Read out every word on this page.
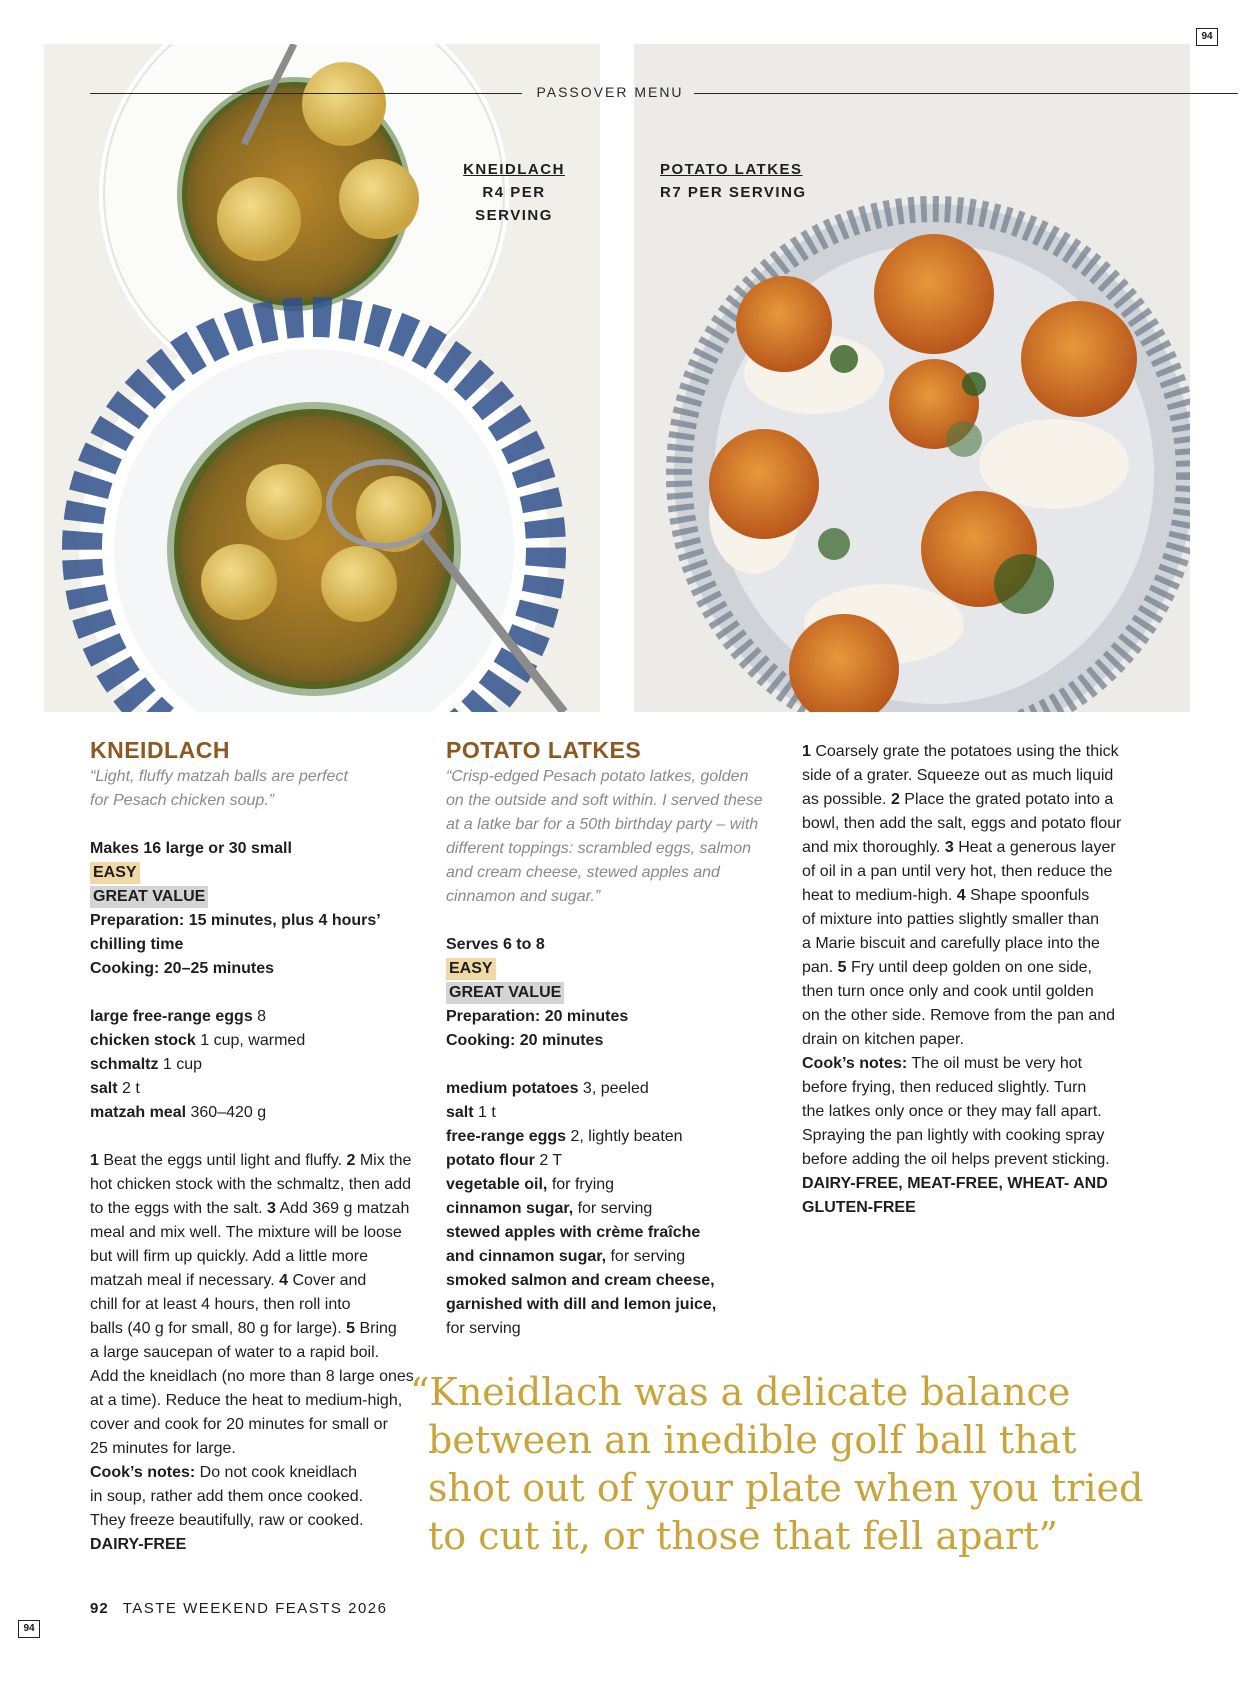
94
94
PASSOVER MENU
KNEIDLACH
R4 PER SERVING
POTATO LATKES
R7 PER SERVING
KNEIDLACH
“Light, fluffy matzah balls are perfect
for Pesach chicken soup.”
Makes 16 large or 30 small
EASY
GREAT VALUE
Preparation: 15 minutes, plus 4 hours’
chilling time
Cooking: 20–25 minutes
large free-range eggs 8
chicken stock 1 cup, warmed
schmaltz 1 cup
salt 2 t
matzah meal 360–420 g
1 Beat the eggs until light and fluffy. 2 Mix the
hot chicken stock with the schmaltz, then add
to the eggs with the salt. 3 Add 369 g matzah
meal and mix well. The mixture will be loose
but will firm up quickly. Add a little more
matzah meal if necessary. 4 Cover and
chill for at least 4 hours, then roll into
balls (40 g for small, 80 g for large). 5 Bring
a large saucepan of water to a rapid boil.
Add the kneidlach (no more than 8 large ones
at a time). Reduce the heat to medium-high,
cover and cook for 20 minutes for small or
25 minutes for large.
Cook’s notes: Do not cook kneidlach
in soup, rather add them once cooked.
They freeze beautifully, raw or cooked.
DAIRY-FREE
POTATO LATKES
“Crisp-edged Pesach potato latkes, golden
on the outside and soft within. I served these
at a latke bar for a 50th birthday party – with
different toppings: scrambled eggs, salmon
and cream cheese, stewed apples and
cinnamon and sugar.”
Serves 6 to 8
EASY
GREAT VALUE
Preparation: 20 minutes
Cooking: 20 minutes
medium potatoes 3, peeled
salt 1 t
free-range eggs 2, lightly beaten
potato flour 2 T
vegetable oil, for frying
cinnamon sugar, for serving
stewed apples with crème fraîche
and cinnamon sugar, for serving
smoked salmon and cream cheese,
garnished with dill and lemon juice,
for serving
1 Coarsely grate the potatoes using the thick
side of a grater. Squeeze out as much liquid
as possible. 2 Place the grated potato into a
bowl, then add the salt, eggs and potato flour
and mix thoroughly. 3 Heat a generous layer
of oil in a pan until very hot, then reduce the
heat to medium-high. 4 Shape spoonfuls
of mixture into patties slightly smaller than
a Marie biscuit and carefully place into the
pan. 5 Fry until deep golden on one side,
then turn once only and cook until golden
on the other side. Remove from the pan and
drain on kitchen paper.
Cook’s notes: The oil must be very hot
before frying, then reduced slightly. Turn
the latkes only once or they may fall apart.
Spraying the pan lightly with cooking spray
before adding the oil helps prevent sticking.
DAIRY-FREE, MEAT-FREE, WHEAT- AND
GLUTEN-FREE
“Kneidlach was a delicate balance
between an inedible golf ball that
shot out of your plate when you tried
to cut it, or those that fell apart”
92 TASTE WEEKEND FEASTS 2026
